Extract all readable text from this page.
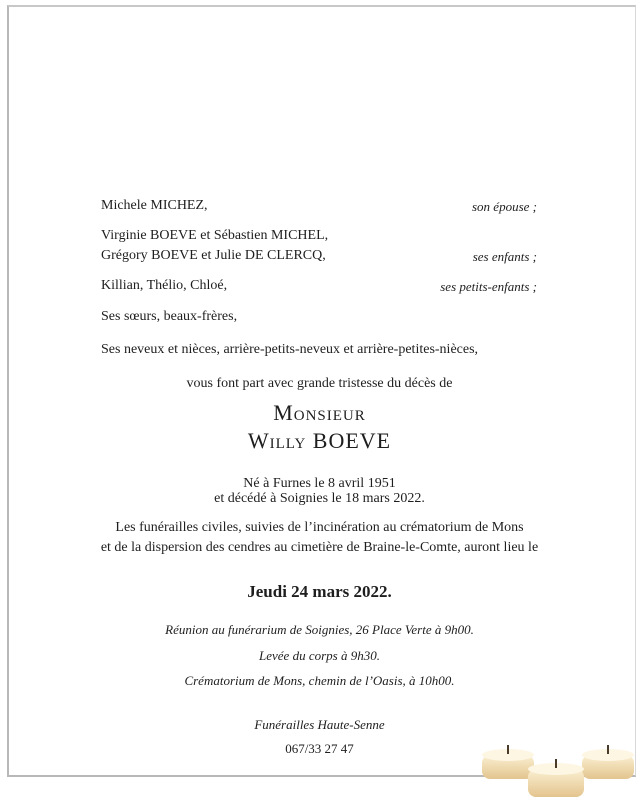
Michele MICHEZ,	son épouse ;
Virginie BOEVE et Sébastien MICHEL,
Grégory BOEVE et Julie DE CLERCQ,	ses enfants ;
Killian, Thélio, Chloé,	ses petits-enfants ;
Ses sœurs, beaux-frères,
Ses neveux et nièces, arrière-petits-neveux et arrière-petites-nièces,
vous font part avec grande tristesse du décès de
Monsieur
Willy BOEVE
Né à Furnes le 8 avril 1951
et décédé à Soignies le 18 mars 2022.
Les funérailles civiles, suivies de l’incinération au crématorium de Mons
et de la dispersion des cendres au cimetière de Braine-le-Comte, auront lieu le
Jeudi 24 mars 2022.
Réunion au funérarium de Soignies, 26 Place Verte à 9h00.
Levée du corps à 9h30.
Crématorium de Mons, chemin de l’Oasis, à 10h00.
Funérailles Haute-Senne
067/33 27 47
